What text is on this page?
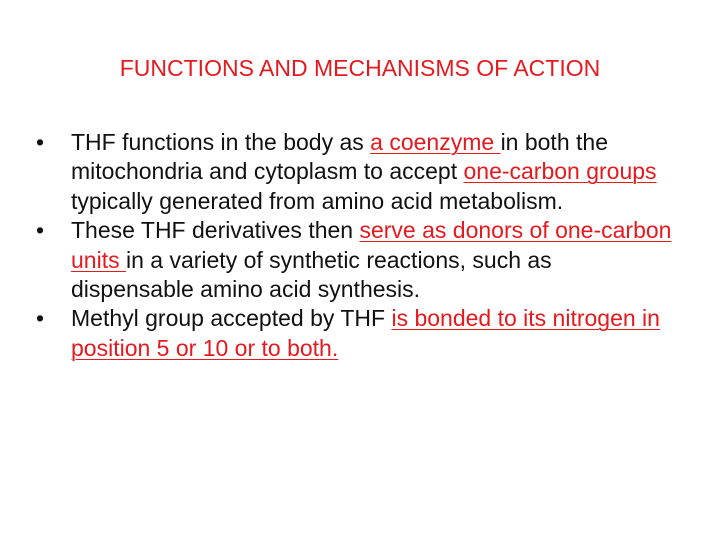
FUNCTIONS AND MECHANISMS OF ACTION
•	THF functions in the body as a coenzyme in both the mitochondria and cytoplasm to accept one-carbon groups typically generated from amino acid metabolism.
•	These THF derivatives then serve as donors of one-carbon units in a variety of synthetic reactions, such as dispensable amino acid synthesis.
•	Methyl group accepted by THF is bonded to its nitrogen in position 5 or 10 or to both.
